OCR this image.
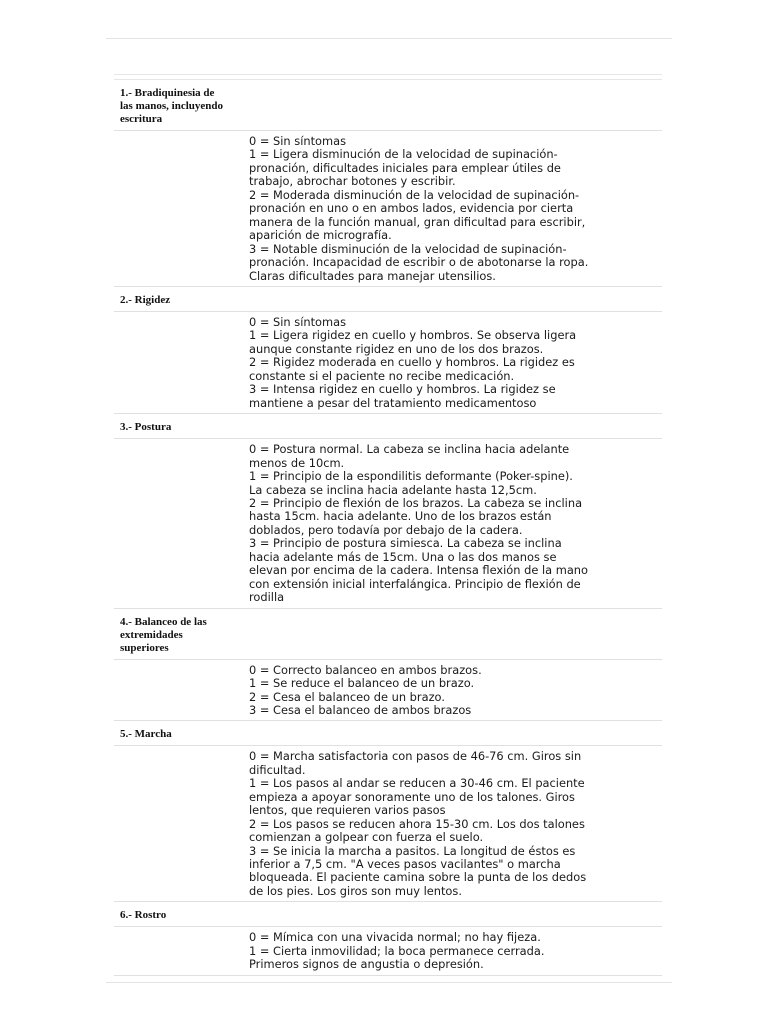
1.- Bradiquinesia de
las manos, incluyendo
escritura
0 = Sin síntomas
1 = Ligera disminución de la velocidad de supinación-
pronación, dificultades iniciales para emplear útiles de
trabajo, abrochar botones y escribir.
2 = Moderada disminución de la velocidad de supinación-
pronación en uno o en ambos lados, evidencia por cierta
manera de la función manual, gran dificultad para escribir,
aparición de micrografía.
3 = Notable disminución de la velocidad de supinación-
pronación. Incapacidad de escribir o de abotonarse la ropa.
Claras dificultades para manejar utensilios.
2.- Rigidez
0 = Sin síntomas
1 = Ligera rigidez en cuello y hombros. Se observa ligera
aunque constante rigidez en uno de los dos brazos.
2 = Rigidez moderada en cuello y hombros. La rigidez es
constante si el paciente no recibe medicación.
3 = Intensa rigidez en cuello y hombros. La rigidez se
mantiene a pesar del tratamiento medicamentoso
3.- Postura
0 = Postura normal. La cabeza se inclina hacia adelante
menos de 10cm.
1 = Principio de la espondilitis deformante (Poker-spine).
La cabeza se inclina hacia adelante hasta 12,5cm.
2 = Principio de flexión de los brazos. La cabeza se inclina
hasta 15cm. hacia adelante. Uno de los brazos están
doblados, pero todavía por debajo de la cadera.
3 = Principio de postura simiesca. La cabeza se inclina
hacia adelante más de 15cm. Una o las dos manos se
elevan por encima de la cadera. Intensa flexión de la mano
con extensión inicial interfalángica. Principio de flexión de
rodilla
4.- Balanceo de las
extremidades
superiores
0 = Correcto balanceo en ambos brazos.
1 = Se reduce el balanceo de un brazo.
2 = Cesa el balanceo de un brazo.
3 = Cesa el balanceo de ambos brazos
5.- Marcha
0 = Marcha satisfactoria con pasos de 46-76 cm. Giros sin
dificultad.
1 = Los pasos al andar se reducen a 30-46 cm. El paciente
empieza a apoyar sonoramente uno de los talones. Giros
lentos, que requieren varios pasos
2 = Los pasos se reducen ahora 15-30 cm. Los dos talones
comienzan a golpear con fuerza el suelo.
3 = Se inicia la marcha a pasitos. La longitud de éstos es
inferior a 7,5 cm. "A veces pasos vacilantes" o marcha
bloqueada. El paciente camina sobre la punta de los dedos
de los pies. Los giros son muy lentos.
6.- Rostro
0 = Mímica con una vivacida normal; no hay fijeza.
1 = Cierta inmovilidad; la boca permanece cerrada.
Primeros signos de angustia o depresión.
